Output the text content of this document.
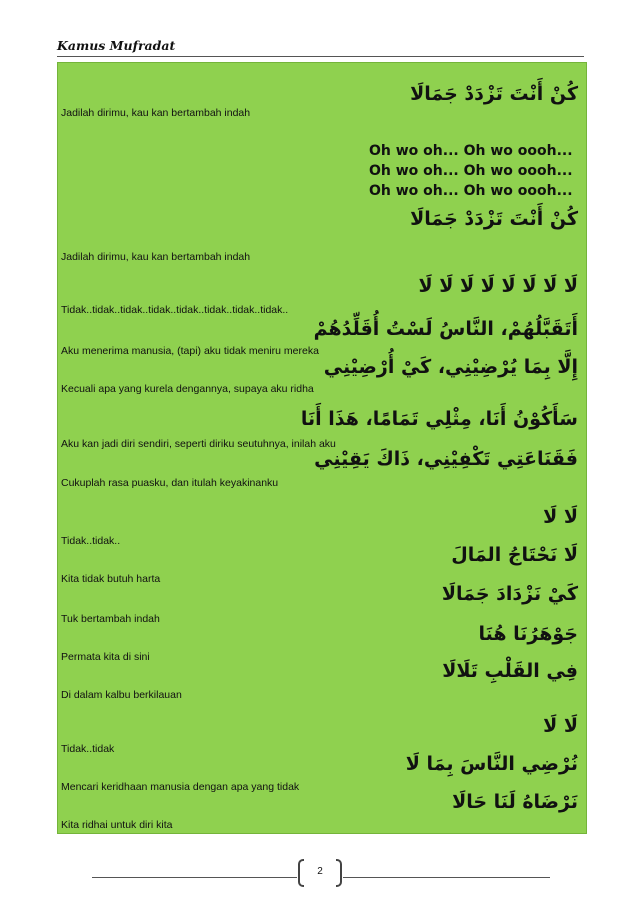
Kamus Mufradat
كُنْ أَنْتَ تَزْدَدْ جَمَالَا
Jadilah dirimu, kau kan bertambah indah
Oh wo oh... Oh wo oooh...
Oh wo oh... Oh wo oooh...
Oh wo oh... Oh wo oooh...
كُنْ أَنْتَ تَزْدَدْ جَمَالَا
Jadilah dirimu, kau kan bertambah indah
لَا لَا لَا لَا لَا لَا لَا لَا
Tidak..tidak..tidak..tidak..tidak..tidak..tidak..tidak..
أَتَقَبَّلُهُمْ، النَّاسُ لَسْتُ أُقَلِّدُهُمْ
Aku menerima manusia, (tapi) aku tidak meniru mereka
إِلَّا بِمَا يُرْضِيْنِي، كَيْ أُرْضِيْنِي
Kecuali apa yang kurela dengannya, supaya aku ridha
سَأَكُوْنُ أَنَا، مِثْلِي تَمَامًا، هَذَا أَنَا
Aku kan jadi diri sendiri, seperti diriku seutuhnya, inilah aku
فَقَنَاعَتِي تَكْفِيْنِي، ذَاكَ يَقِيْنِي
Cukuplah rasa puasku, dan itulah keyakinanku
لَا لَا
Tidak..tidak..
لَا نَحْتَاجُ المَالَ
Kita tidak butuh harta
كَيْ نَزْدَادَ جَمَالَا
Tuk bertambah indah
جَوْهَرُنَا هُنَا
Permata kita di sini
فِي القَلْبِ تَلَالَا
Di dalam kalbu berkilauan
لَا لَا
Tidak..tidak
نُرْضِي النَّاسَ بِمَا لَا
Mencari keridhaan manusia dengan apa yang tidak
نَرْضَاهُ لَنَا حَالَا
Kita ridhai untuk diri kita
2
